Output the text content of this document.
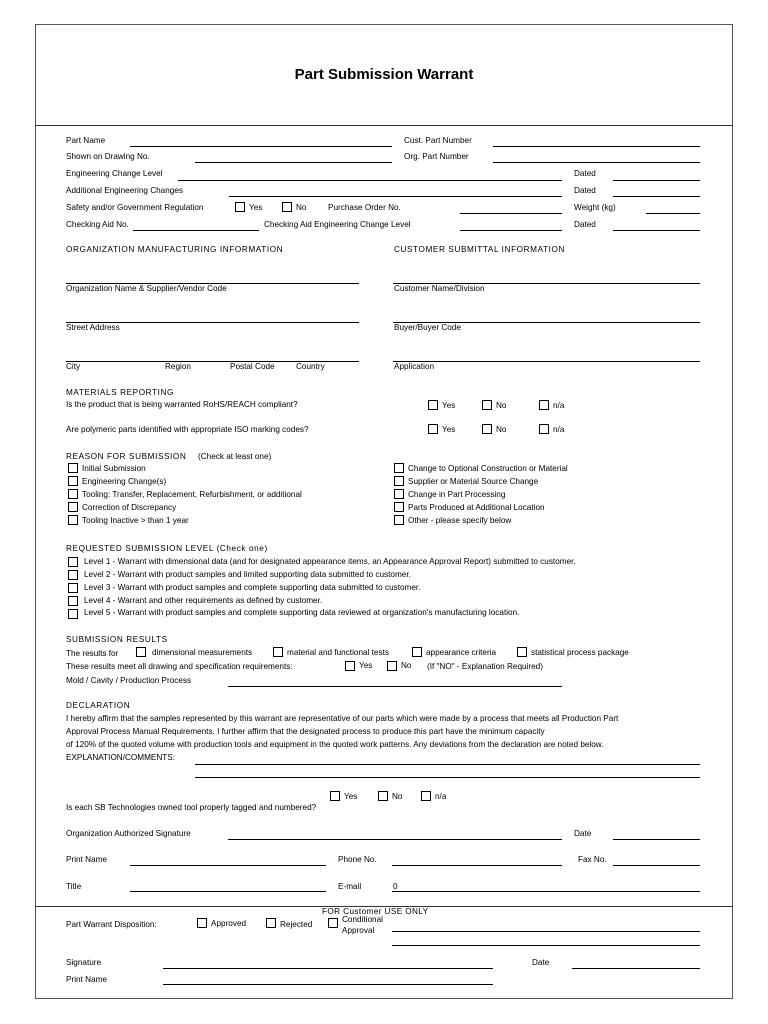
Part Submission Warrant
Part Name	Cust. Part Number
Shown on Drawing No.	Org. Part Number
Engineering Change Level	Dated
Additional Engineering Changes	Dated
Safety and/or Government Regulation	Yes	No	Purchase Order No.	Weight (kg)
Checking Aid No.	Checking Aid Engineering Change Level	Dated
ORGANIZATION MANUFACTURING INFORMATION	CUSTOMER SUBMITTAL INFORMATION
Organization Name & Supplier/Vendor Code	Customer Name/Division
Street Address	Buyer/Buyer Code
City	Region	Postal Code	Country	Application
MATERIALS REPORTING
Is the product that is being warranted RoHS/REACH compliant?	Yes	No	n/a
Are polymeric parts identified with appropriate ISO marking codes?	Yes	No	n/a
REASON FOR SUBMISSION (Check at least one)
Initial Submission
Engineering Change(s)
Tooling: Transfer, Replacement, Refurbishment, or additional
Correction of Discrepancy
Tooling Inactive > than 1 year
Change to Optional Construction or Material
Supplier or Material Source Change
Change in Part Processing
Parts Produced at Additional Location
Other - please specify below
REQUESTED SUBMISSION LEVEL (Check one)
Level 1 - Warrant with dimensional data (and for designated appearance items, an Appearance Approval Report) submitted to customer.
Level 2 - Warrant with product samples and limited supporting data submitted to customer.
Level 3 - Warrant with product samples and complete supporting data submitted to customer.
Level 4 - Warrant and other requirements as defined by customer.
Level 5 - Warrant with product samples and complete supporting data reviewed at organization's manufacturing location.
SUBMISSION RESULTS
The results for	dimensional measurements	material and functional tests	appearance criteria	statistical process package
These results meet all drawing and specification requirements:	Yes	No (If "NO" - Explanation Required)
Mold / Cavity / Production Process
DECLARATION
I hereby affirm that the samples represented by this warrant are representative of our parts which were made by a process that meets all Production Part
Approval Process Manual Requirements. I further affirm that the designated process to produce this part have the minimum capacity
of 120% of the quoted volume with production tools and equipment in the quoted work patterns. Any deviations from the declaration are noted below.
EXPLANATION/COMMENTS:
Yes	No	n/a
Is each SB Technologies owned tool properly tagged and numbered?
Organization Authorized Signature	Date
Print Name	Phone No.	Fax No.
Title	E-mail	0
FOR Customer USE ONLY
Part Warrant Disposition:	Approved	Rejected
Conditional
Approval
Signature	Date
Print Name
